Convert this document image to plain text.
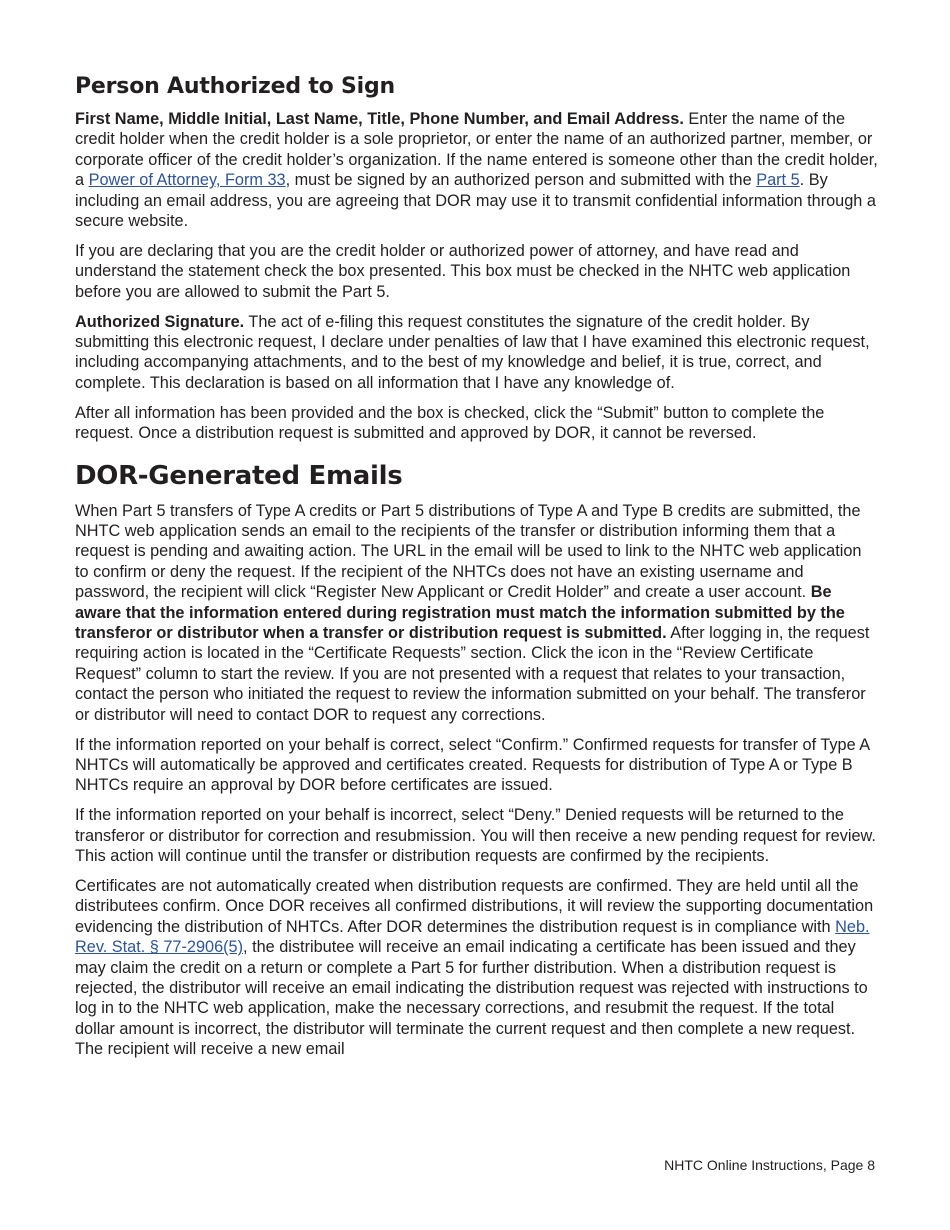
Person Authorized to Sign

First Name, Middle Initial, Last Name, Title, Phone Number, and Email Address. Enter the name of the credit holder when the credit holder is a sole proprietor, or enter the name of an authorized partner, member, or corporate officer of the credit holder’s organization. If the name entered is someone other than the credit holder, a Power of Attorney, Form 33, must be signed by an authorized person and submitted with the Part 5. By including an email address, you are agreeing that DOR may use it to transmit confidential information through a secure website.

If you are declaring that you are the credit holder or authorized power of attorney, and have read and understand the statement check the box presented. This box must be checked in the NHTC web application before you are allowed to submit the Part 5.

Authorized Signature. The act of e-filing this request constitutes the signature of the credit holder. By submitting this electronic request, I declare under penalties of law that I have examined this electronic request, including accompanying attachments, and to the best of my knowledge and belief, it is true, correct, and complete. This declaration is based on all information that I have any knowledge of.

After all information has been provided and the box is checked, click the “Submit” button to complete the request. Once a distribution request is submitted and approved by DOR, it cannot be reversed.

DOR-Generated Emails

When Part 5 transfers of Type A credits or Part 5 distributions of Type A and Type B credits are submitted, the NHTC web application sends an email to the recipients of the transfer or distribution informing them that a request is pending and awaiting action. The URL in the email will be used to link to the NHTC web application to confirm or deny the request. If the recipient of the NHTCs does not have an existing username and password, the recipient will click “Register New Applicant or Credit Holder” and create a user account. Be aware that the information entered during registration must match the information submitted by the transferor or distributor when a transfer or distribution request is submitted. After logging in, the request requiring action is located in the “Certificate Requests” section. Click the icon in the “Review Certificate Request” column to start the review. If you are not presented with a request that relates to your transaction, contact the person who initiated the request to review the information submitted on your behalf. The transferor or distributor will need to contact DOR to request any corrections.

If the information reported on your behalf is correct, select “Confirm.” Confirmed requests for transfer of Type A NHTCs will automatically be approved and certificates created. Requests for distribution of Type A or Type B NHTCs require an approval by DOR before certificates are issued.

If the information reported on your behalf is incorrect, select “Deny.” Denied requests will be returned to the transferor or distributor for correction and resubmission. You will then receive a new pending request for review. This action will continue until the transfer or distribution requests are confirmed by the recipients.

Certificates are not automatically created when distribution requests are confirmed. They are held until all the distributees confirm. Once DOR receives all confirmed distributions, it will review the supporting documentation evidencing the distribution of NHTCs. After DOR determines the distribution request is in compliance with Neb. Rev. Stat. § 77-2906(5), the distributee will receive an email indicating a certificate has been issued and they may claim the credit on a return or complete a Part 5 for further distribution. When a distribution request is rejected, the distributor will receive an email indicating the distribution request was rejected with instructions to log in to the NHTC web application, make the necessary corrections, and resubmit the request. If the total dollar amount is incorrect, the distributor will terminate the current request and then complete a new request. The recipient will receive a new email

NHTC Online Instructions, Page 8
